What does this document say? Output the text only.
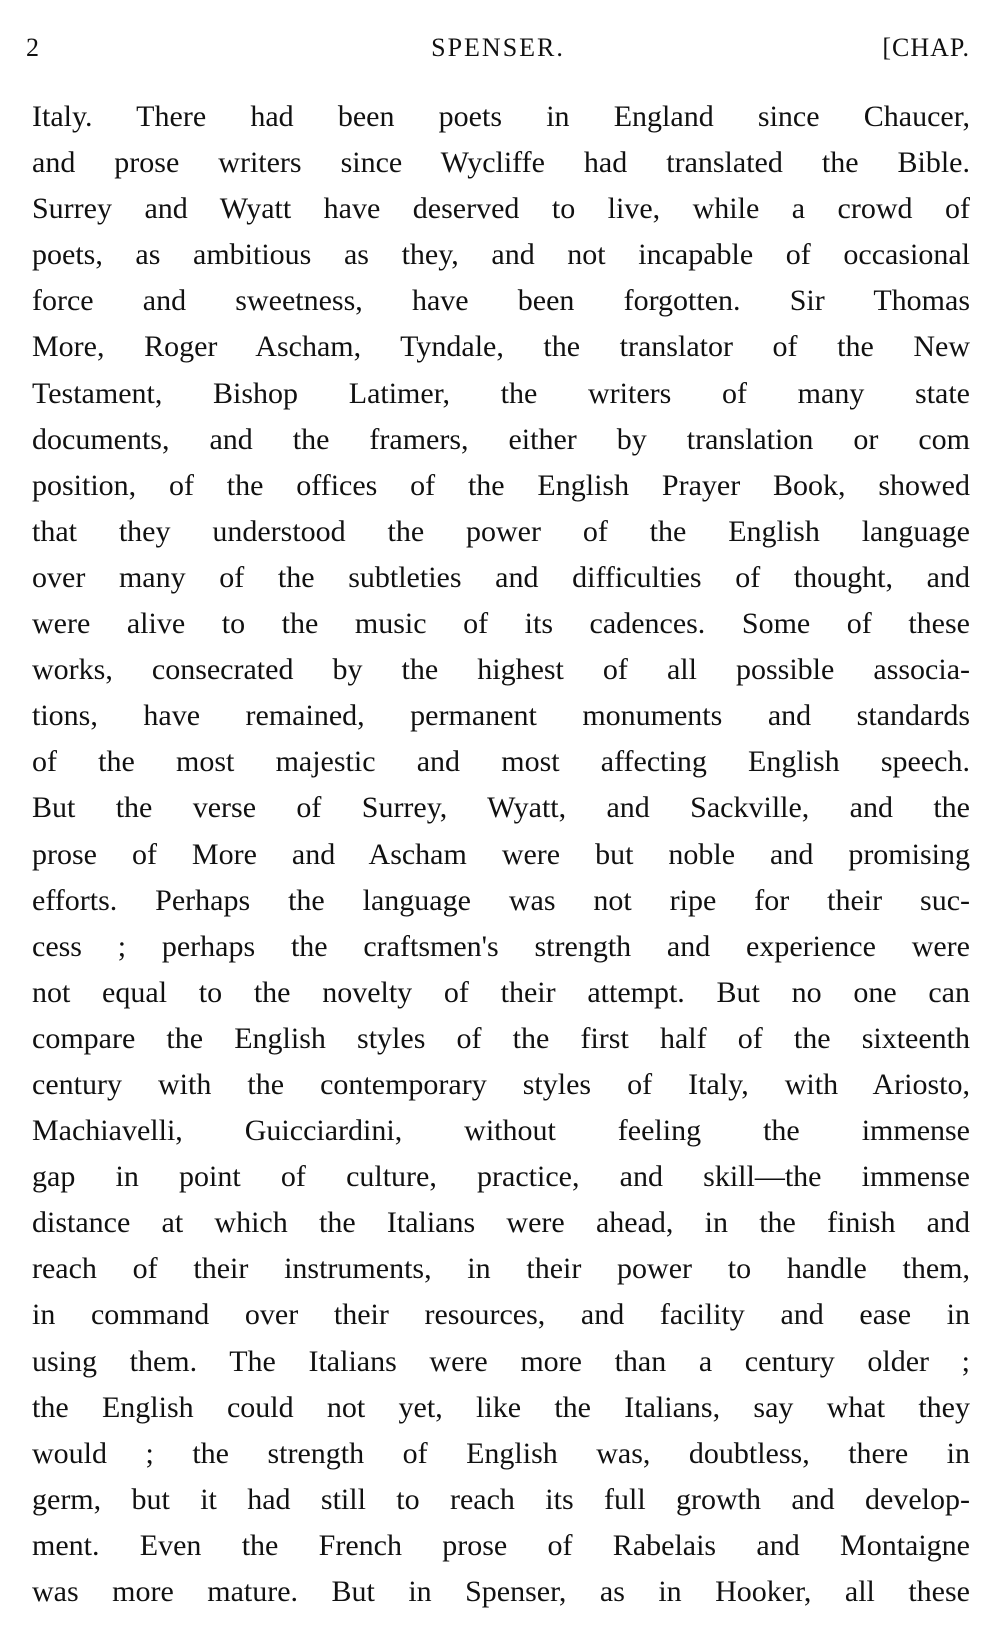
2	SPENSER.	[CHAP.
Italy. There had been poets in England since Chaucer,
and prose writers since Wycliffe had translated the Bible.
Surrey and Wyatt have deserved to live, while a crowd of
poets, as ambitious as they, and not incapable of occasional
force and sweetness, have been forgotten. Sir Thomas
More, Roger Ascham, Tyndale, the translator of the New
Testament, Bishop Latimer, the writers of many state
documents, and the framers, either by translation or com
position, of the offices of the English Prayer Book, showed
that they understood the power of the English language
over many of the subtleties and difficulties of thought, and
were alive to the music of its cadences. Some of these
works, consecrated by the highest of all possible associa-
tions, have remained, permanent monuments and standards
of the most majestic and most affecting English speech.
But the verse of Surrey, Wyatt, and Sackville, and the
prose of More and Ascham were but noble and promising
efforts. Perhaps the language was not ripe for their suc-
cess ; perhaps the craftsmen's strength and experience were
not equal to the novelty of their attempt. But no one can
compare the English styles of the first half of the sixteenth
century with the contemporary styles of Italy, with Ariosto,
Machiavelli, Guicciardini, without feeling the immense
gap in point of culture, practice, and skill—the immense
distance at which the Italians were ahead, in the finish and
reach of their instruments, in their power to handle them,
in command over their resources, and facility and ease in
using them. The Italians were more than a century older ;
the English could not yet, like the Italians, say what they
would ; the strength of English was, doubtless, there in
germ, but it had still to reach its full growth and develop-
ment. Even the French prose of Rabelais and Montaigne
was more mature. But in Spenser, as in Hooker, all these
